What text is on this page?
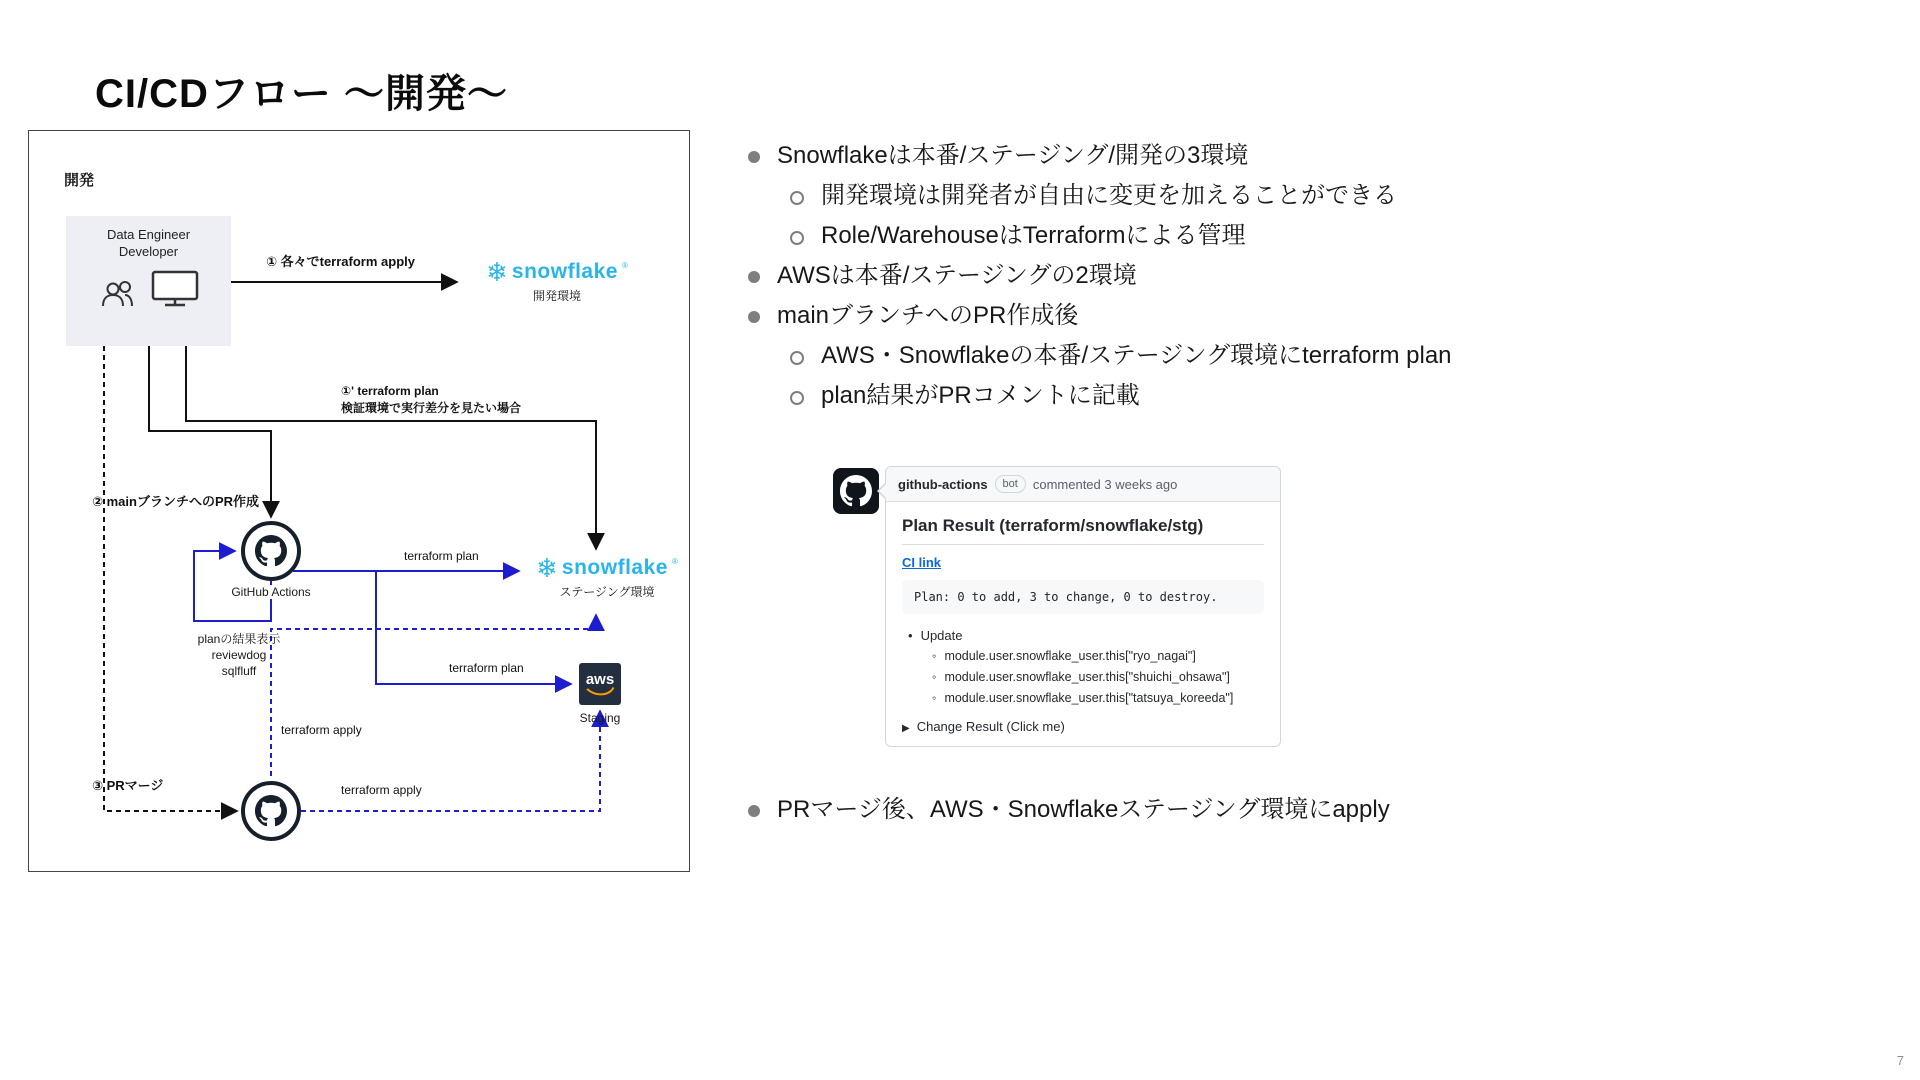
CI/CDフロー 〜開発〜
開発
Data Engineer
Developer
① 各々でterraform apply
①' terraform plan
検証環境で実行差分を見たい場合
② mainブランチへのPR作成
③ PRマージ
terraform plan
terraform plan
terraform apply
terraform apply
❄ snowflake ®
開発環境
❄ snowflake ®
ステージング環境
GitHub Actions
planの結果表示
reviewdog
sqlfluff	aws
Staging
Snowflakeは本番/ステージング/開発の3環境
開発環境は開発者が自由に変更を加えることができる
Role/WarehouseはTerraformによる管理
AWSは本番/ステージングの2環境
mainブランチへのPR作成後
AWS・Snowflakeの本番/ステージング環境にterraform plan
plan結果がPRコメントに記載
github-actions	bot	commented 3 weeks ago
Plan Result (terraform/snowflake/stg)
CI link
Plan: 0 to add, 3 to change, 0 to destroy.
• Update
◦ module.user.snowflake_user.this["ryo_nagai"]
◦ module.user.snowflake_user.this["shuichi_ohsawa"]
◦ module.user.snowflake_user.this["tatsuya_koreeda"]
▶ Change Result (Click me)
PRマージ後、AWS・Snowflakeステージング環境にapply
7
